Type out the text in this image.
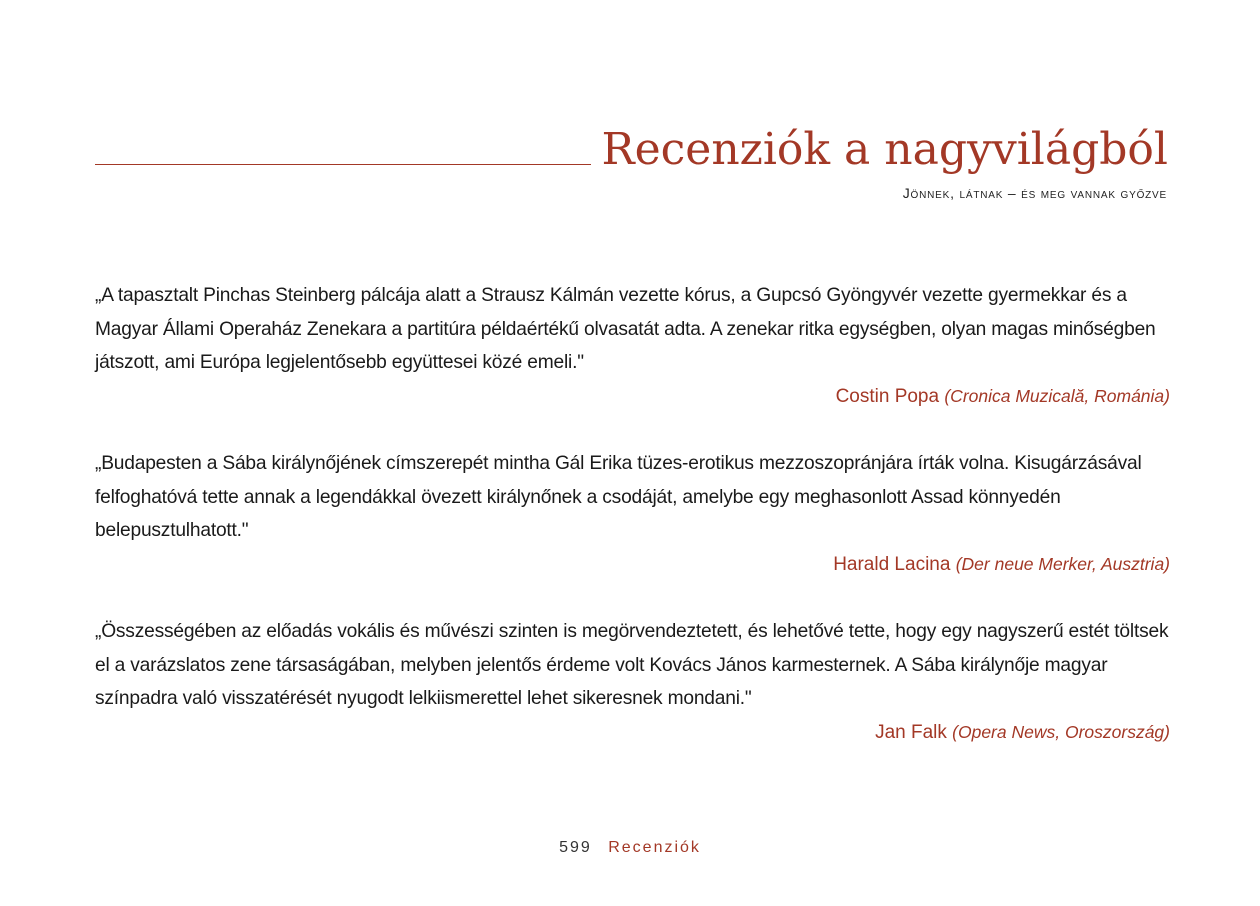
Recenziók a nagyvilágból

Jönnek, látnak – és meg vannak győzve

„A tapasztalt Pinchas Steinberg pálcája alatt a Strausz Kálmán vezette kórus, a Gupcsó Gyöngyvér vezette gyermekkar és a Magyar Állami Operaház Zenekara a partitúra példaértékű olvasatát adta. A zenekar ritka egységben, olyan magas minőségben játszott, ami Európa legjelentősebb együttesei közé emeli."

Costin Popa (Cronica Muzicală, Románia)

„Budapesten a Sába királynőjének címszerepét mintha Gál Erika tüzes-erotikus mezzoszopránjára írták volna. Kisugárzásával felfoghatóvá tette annak a legendákkal övezett királynőnek a csodáját, amelybe egy meghasonlott Assad könnyedén belepusztulhatott."

Harald Lacina (Der neue Merker, Ausztria)

„Összességében az előadás vokális és művészi szinten is megörvendeztetett, és lehetővé tette, hogy egy nagyszerű estét töltsek el a varázslatos zene társaságában, melyben jelentős érdeme volt Kovács János karmesternek. A Sába királynője magyar színpadra való visszatérését nyugodt lelkiismerettel lehet sikeresnek mondani."

Jan Falk (Opera News, Oroszország)

599 Recenziók
